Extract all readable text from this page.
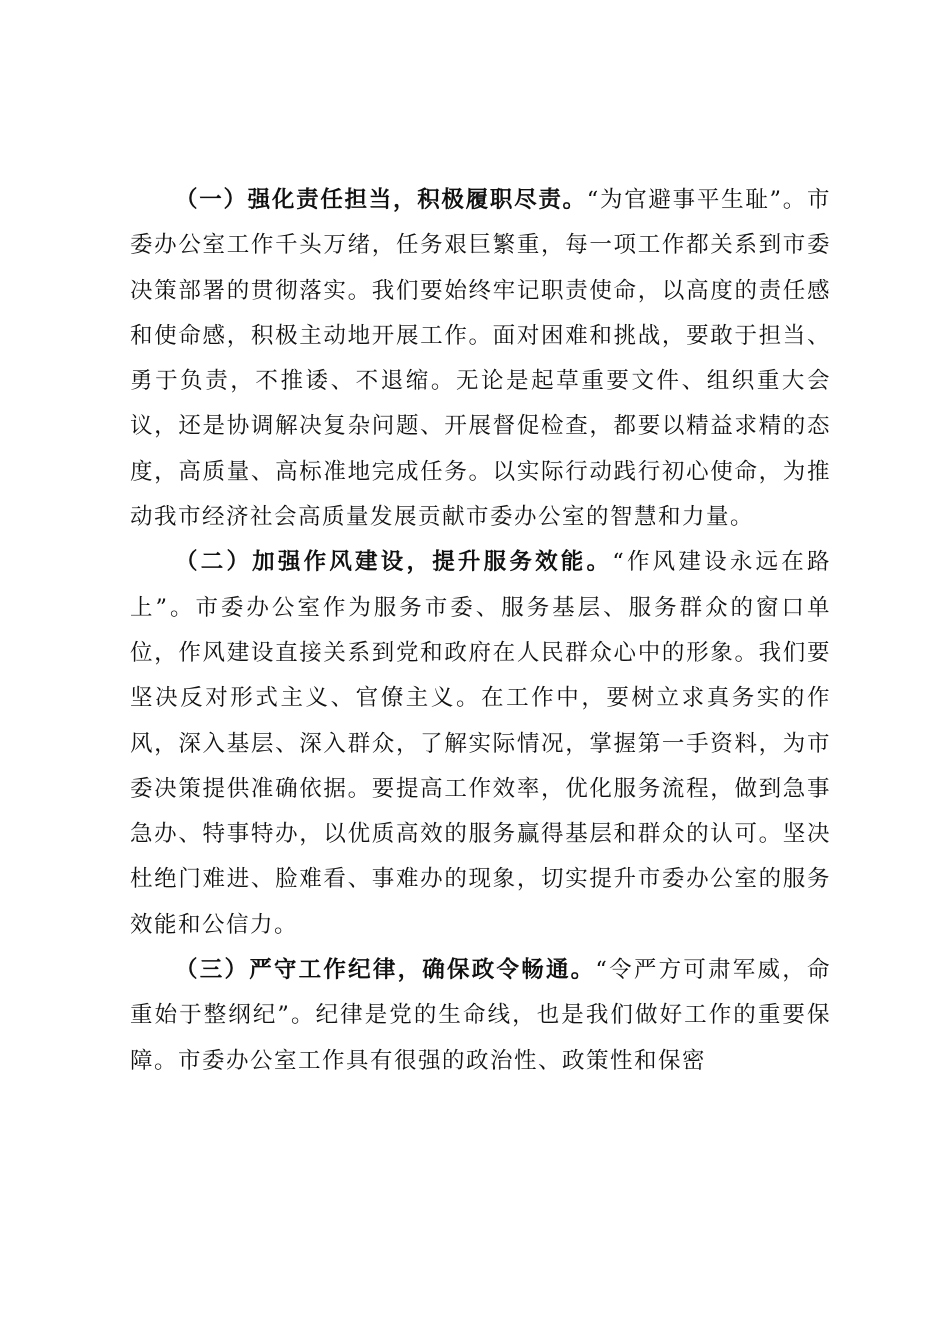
（一）强化责任担当，积极履职尽责。“为官避事平生耻”。市委办公室工作千头万绪，任务艰巨繁重，每一项工作都关系到市委决策部署的贯彻落实。我们要始终牢记职责使命，以高度的责任感和使命感，积极主动地开展工作。面对困难和挑战，要敢于担当、勇于负责，不推诿、不退缩。无论是起草重要文件、组织重大会议，还是协调解决复杂问题、开展督促检查，都要以精益求精的态度，高质量、高标准地完成任务。以实际行动践行初心使命，为推动我市经济社会高质量发展贡献市委办公室的智慧和力量。

（二）加强作风建设，提升服务效能。“作风建设永远在路上”。市委办公室作为服务市委、服务基层、服务群众的窗口单位，作风建设直接关系到党和政府在人民群众心中的形象。我们要坚决反对形式主义、官僚主义。在工作中，要树立求真务实的作风，深入基层、深入群众，了解实际情况，掌握第一手资料，为市委决策提供准确依据。要提高工作效率，优化服务流程，做到急事急办、特事特办，以优质高效的服务赢得基层和群众的认可。坚决杜绝门难进、脸难看、事难办的现象，切实提升市委办公室的服务效能和公信力。

（三）严守工作纪律，确保政令畅通。“令严方可肃军威，命重始于整纲纪”。纪律是党的生命线，也是我们做好工作的重要保障。市委办公室工作具有很强的政治性、政策性和保密
